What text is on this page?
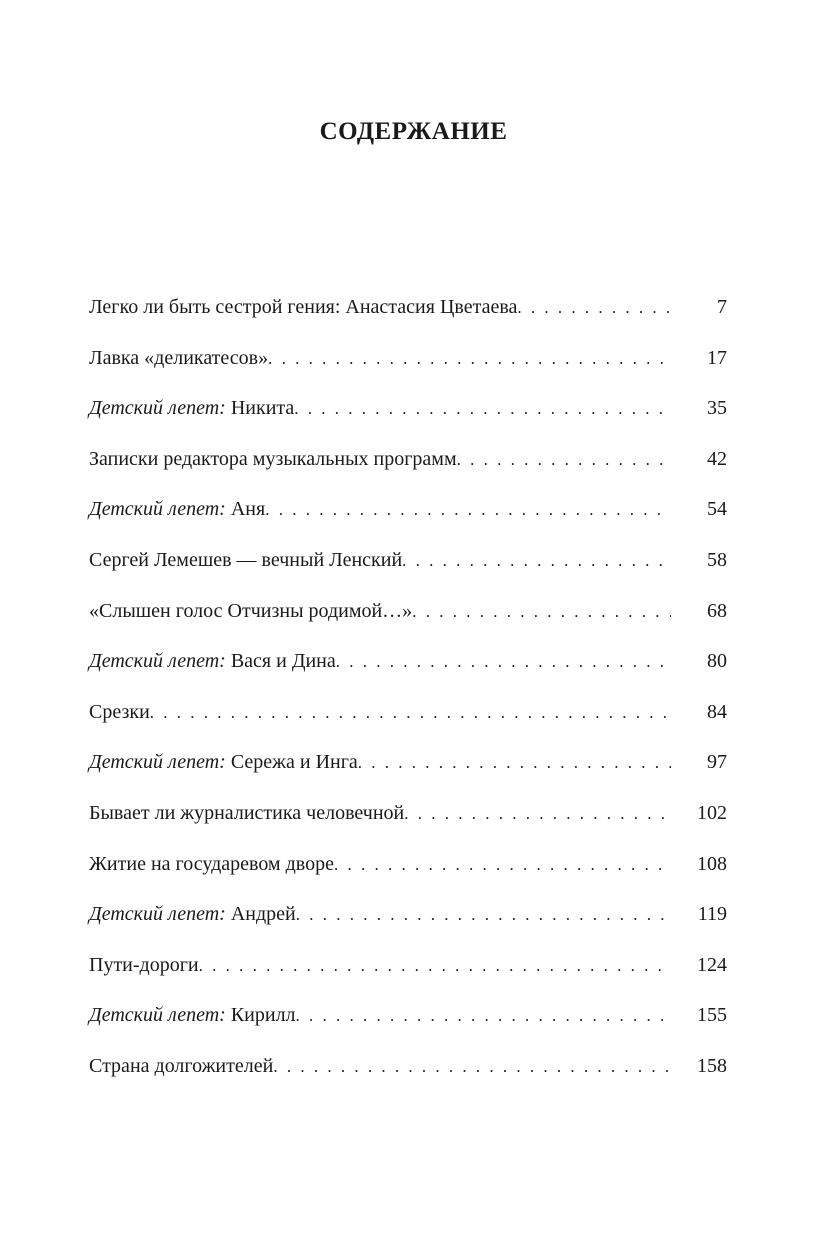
СОДЕРЖАНИЕ
Легко ли быть сестрой гения: Анастасия Цветаева . . .	7
Лавка «деликатесов» . . .	17
Детский лепет: Никита . . .	35
Записки редактора музыкальных программ . . .	42
Детский лепет: Аня . . .	54
Сергей Лемешев — вечный Ленский . . .	58
«Слышен голос Отчизны родимой…» . . .	68
Детский лепет: Вася и Дина . . .	80
Срезки . . .	84
Детский лепет: Сережа и Инга . . .	97
Бывает ли журналистика человечной . . .	102
Житие на государевом дворе . . .	108
Детский лепет: Андрей . . .	119
Пути-дороги . . .	124
Детский лепет: Кирилл . . .	155
Страна долгожителей . . .	158
